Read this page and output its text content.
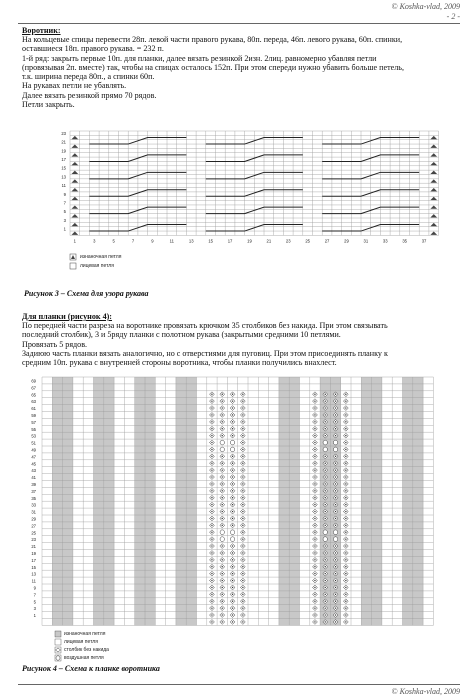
© Koshka-vlad, 2009
- 2 -
Воротник:
На кольцевые спицы перевести 28п. левой части правого рукава, 80п. переда, 46п. левого рукава, 60п. спинки,
оставшиеся 18п. правого рукава. = 232 п.
1-й ряд: закрыть первые 10п. для планки, далее вязать резинкой 2изн. 2лиц. равномерно убавляя петли
(провязывая 2п. вместе) так, чтобы на спицах осталось 152п. При этом спереди нужно убавить больше петель,
т.к. ширина переда 80п., а спинки 60п.
На рукавах петли не убавлять.
Далее вязать резинкой прямо 70 рядов.
Петли закрыть.
23
21
19
17
15
13
11
9
7
5
3
1
1	3	5	7	9	11	13	15	17	19	21	23	25	27	29	31	33	35	37
изнаночная петля
лицевая петля
Рисунок 3 – Схема для узора рукава
Для планки (рисунок 4):
По передней части разреза на воротнике провязать крючком 35 столбиков без накида. При этом связывать
последний столбик), 3 и 5ряду планки с полотном рукава (закрытыми средними 10 петлями.
Провязать 5 рядов.
Задиюю часть планки вязать аналогично, но с отверстиями для пуговиц. При этом присоединять планку к
средним 10п. рукава с внутренней стороны воротника, чтобы планки получились внахлест.
69
67
65
63
61
59
57
55
53
51
49
47
45
43
41
39
37
35
33
31
29
27
25
23
21
19
17
15
13
11
9
7
5
3
1
изнаночная петля
лицевая петля
столбик без накида
воздушная петля
Рисунок 4 – Схема к планке воротника
© Koshka-vlad, 2009
